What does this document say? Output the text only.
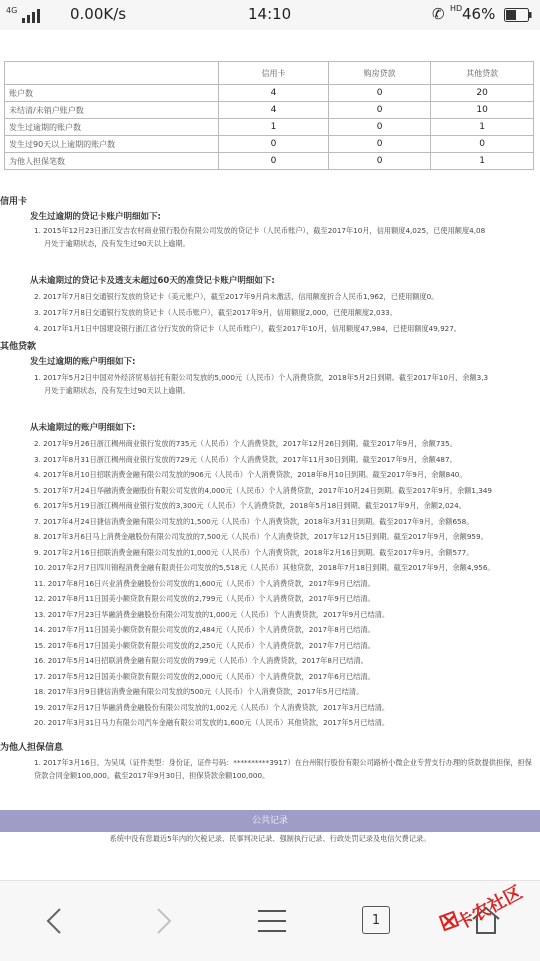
4G	0.00K/s	14:10	✆ HD 46%
	信用卡	购房贷款	其他贷款
账户数	4	0	20
未结清/未销户账户数	4	0	10
发生过逾期的账户数	1	0	1
发生过90天以上逾期的账户数	0	0	0
为他人担保笔数	0	0	1
信用卡
发生过逾期的贷记卡账户明细如下:
1. 2015年12月23日浙江安吉农村商业银行股份有限公司发放的贷记卡（人民币账户），截至2017年10月，信用额度4,025，已使用额度4,08
月处于逾期状态，没有发生过90天以上逾期。
从未逾期过的贷记卡及透支未超过60天的准贷记卡账户明细如下:
2. 2017年7月8日交通银行发放的贷记卡（美元账户），截至2017年9月尚未激活，信用额度折合人民币1,962，已使用额度0。
3. 2017年7月8日交通银行发放的贷记卡（人民币账户），截至2017年9月，信用额度2,000，已使用额度2,033。
4. 2017年1月1日中国建设银行浙江省分行发放的贷记卡（人民币账户），截至2017年10月，信用额度47,984，已使用额度49,927。
其他贷款
发生过逾期的账户明细如下:
1. 2017年5月2日中国对外经济贸易信托有限公司发放的5,000元（人民币）个人消费贷款，2018年5月2日到期。截至2017年10月，余额3,3
月处于逾期状态，没有发生过90天以上逾期。
从未逾期过的账户明细如下:
2. 2017年9月26日浙江稠州商业银行发放的735元（人民币）个人消费贷款，2017年12月26日到期。截至2017年9月，余额735。
3. 2017年8月31日浙江稠州商业银行发放的729元（人民币）个人消费贷款，2017年11月30日到期。截至2017年9月，余额487。
4. 2017年8月10日招联消费金融有限公司发放的906元（人民币）个人消费贷款，2018年8月10日到期。截至2017年9月，余额840。
5. 2017年7月24日华融消费金融股份有限公司发放的4,000元（人民币）个人消费贷款，2017年10月24日到期。截至2017年9月，余额1,349
6. 2017年5月19日浙江稠州商业银行发放的3,300元（人民币）个人消费贷款，2018年5月18日到期。截至2017年9月，余额2,024。
7. 2017年4月24日捷信消费金融有限公司发放的1,500元（人民币）个人消费贷款，2018年3月31日到期。截至2017年9月，余额658。
8. 2017年3月6日马上消费金融股份有限公司发放的7,500元（人民币）个人消费贷款，2017年12月15日到期。截至2017年9月，余额959。
9. 2017年2月16日招联消费金融有限公司发放的1,000元（人民币）个人消费贷款，2018年2月16日到期。截至2017年9月，余额577。
10. 2017年2月7日四川锦程消费金融有限责任公司发放的5,518元（人民币）其他贷款，2018年7月18日到期。截至2017年9月，余额4,956。
11. 2017年8月16日兴业消费金融股份公司发放的1,600元（人民币）个人消费贷款，2017年9月已结清。
12. 2017年8月11日国美小额贷款有限公司发放的2,799元（人民币）个人消费贷款，2017年9月已结清。
13. 2017年7月23日华融消费金融股份有限公司发放的1,000元（人民币）个人消费贷款，2017年9月已结清。
14. 2017年7月11日国美小额贷款有限公司发放的2,484元（人民币）个人消费贷款，2017年8月已结清。
15. 2017年6月17日国美小额贷款有限公司发放的2,250元（人民币）个人消费贷款，2017年7月已结清。
16. 2017年5月14日招联消费金融有限公司发放的799元（人民币）个人消费贷款，2017年8月已结清。
17. 2017年5月12日国美小额贷款有限公司发放的2,000元（人民币）个人消费贷款，2017年6月已结清。
18. 2017年3月9日捷信消费金融有限公司发放的500元（人民币）个人消费贷款，2017年5月已结清。
19. 2017年2月17日华融消费金融股份有限公司发放的1,002元（人民币）个人消费贷款，2017年3月已结清。
20. 2017年3月31日马力有限公司汽车金融有限公司发放的1,600元（人民币）其他贷款，2017年5月已结清。
为他人担保信息
1. 2017年3月16日，为吴凤（证件类型：身份证，证件号码：**********3917）在台州银行股份有限公司路桥小微企业专营支行办理的贷款提供担保，担保贷款合同金额100,000。截至2017年9月30日，担保贷款余额100,000。
公共记录
系统中没有您最近5年内的欠税记录、民事判决记录、强制执行记录、行政处罚记录及电信欠费记录。
1	卡农社区
